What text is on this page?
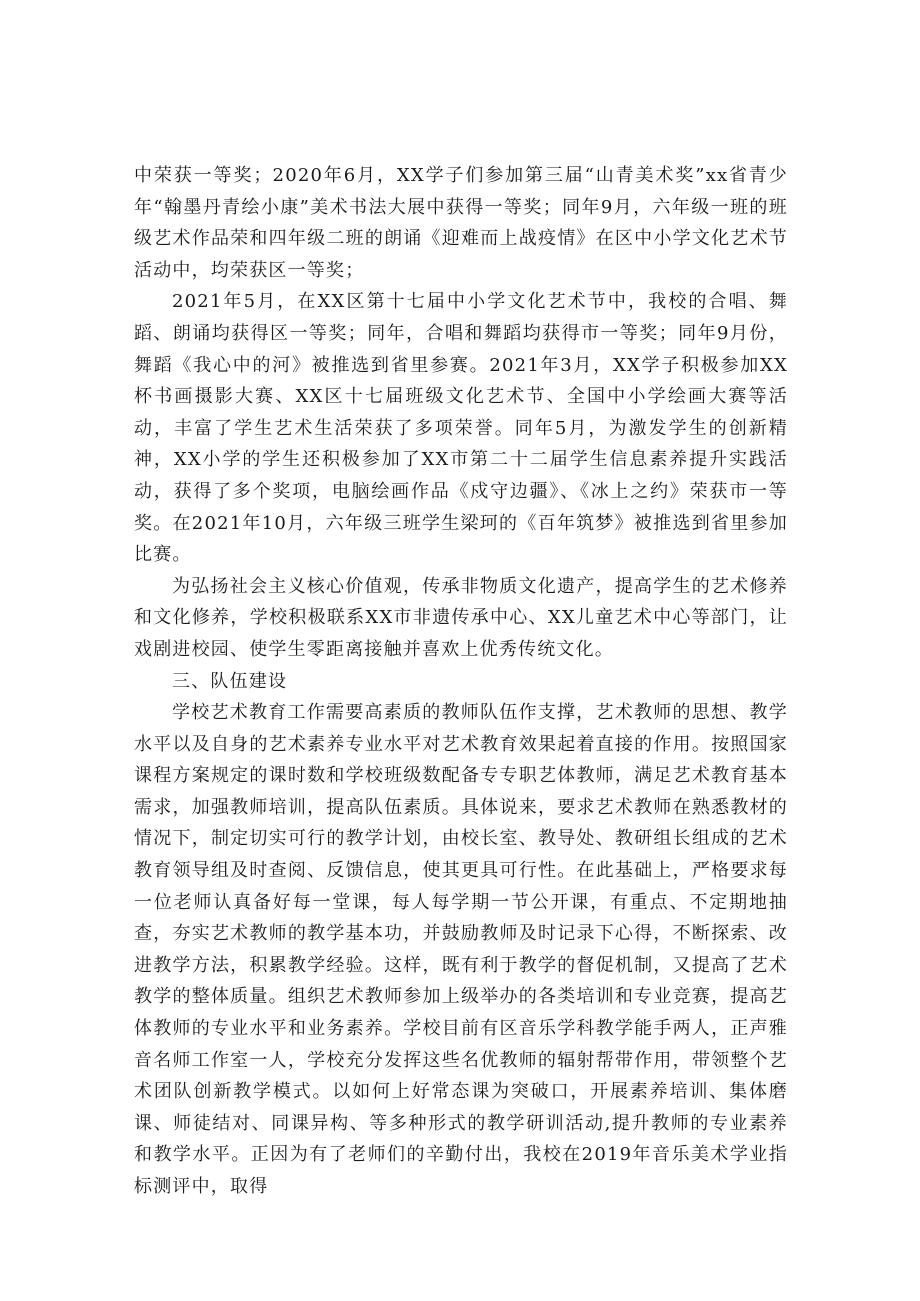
中荣获一等奖；2020年6月，XX学子们参加第三届“山青美术奖”xx省青少年“翰墨丹青绘小康”美术书法大展中获得一等奖；同年9月，六年级一班的班级艺术作品荣和四年级二班的朗诵《迎难而上战疫情》在区中小学文化艺术节活动中，均荣获区一等奖；

2021年5月，在XX区第十七届中小学文化艺术节中，我校的合唱、舞蹈、朗诵均获得区一等奖；同年，合唱和舞蹈均获得市一等奖；同年9月份，舞蹈《我心中的河》被推选到省里参赛。2021年3月，XX学子积极参加XX杯书画摄影大赛、XX区十七届班级文化艺术节、全国中小学绘画大赛等活动，丰富了学生艺术生活荣获了多项荣誉。同年5月，为激发学生的创新精神，XX小学的学生还积极参加了XX市第二十二届学生信息素养提升实践活动，获得了多个奖项，电脑绘画作品《戍守边疆》、《冰上之约》荣获市一等奖。在2021年10月，六年级三班学生梁珂的《百年筑梦》被推选到省里参加比赛。

为弘扬社会主义核心价值观，传承非物质文化遗产，提高学生的艺术修养和文化修养，学校积极联系XX市非遗传承中心、XX儿童艺术中心等部门，让戏剧进校园、使学生零距离接触并喜欢上优秀传统文化。

三、队伍建设

学校艺术教育工作需要高素质的教师队伍作支撑，艺术教师的思想、教学水平以及自身的艺术素养专业水平对艺术教育效果起着直接的作用。按照国家课程方案规定的课时数和学校班级数配备专专职艺体教师，满足艺术教育基本需求，加强教师培训，提高队伍素质。具体说来，要求艺术教师在熟悉教材的情况下，制定切实可行的教学计划，由校长室、教导处、教研组长组成的艺术教育领导组及时查阅、反馈信息，使其更具可行性。在此基础上，严格要求每一位老师认真备好每一堂课，每人每学期一节公开课，有重点、不定期地抽查，夯实艺术教师的教学基本功，并鼓励教师及时记录下心得，不断探索、改进教学方法，积累教学经验。这样，既有利于教学的督促机制，又提高了艺术教学的整体质量。组织艺术教师参加上级举办的各类培训和专业竞赛，提高艺体教师的专业水平和业务素养。学校目前有区音乐学科教学能手两人，正声雅音名师工作室一人，学校充分发挥这些名优教师的辐射帮带作用，带领整个艺术团队创新教学模式。以如何上好常态课为突破口，开展素养培训、集体磨课、师徒结对、同课异构、等多种形式的教学研训活动,提升教师的专业素养和教学水平。正因为有了老师们的辛勤付出，我校在2019年音乐美术学业指标测评中，取得
